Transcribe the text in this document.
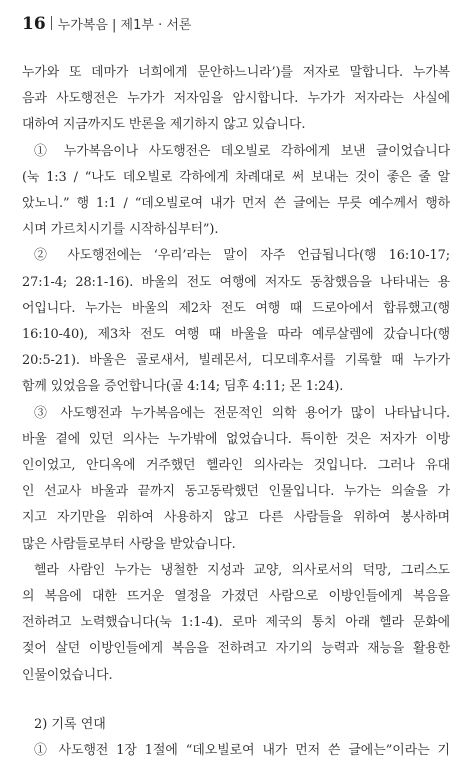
16 누가복음 | 제1부 · 서론

누가와 또 데마가 너희에게 문안하느니라’)를 저자로 말합니다. 누가복

음과 사도행전은 누가가 저자임을 암시합니다. 누가가 저자라는 사실에

대하여 지금까지도 반론을 제기하지 않고 있습니다.

① 누가복음이나 사도행전은 데오빌로 각하에게 보낸 글이었습니다

(눅 1:3 / “나도 데오빌로 각하에게 차례대로 써 보내는 것이 좋은 줄 알

았노니.” 행 1:1 / “데오빌로여 내가 먼저 쓴 글에는 무릇 예수께서 행하

시며 가르치시기를 시작하심부터”).

② 사도행전에는 ‘우리’라는 말이 자주 언급됩니다(행 16:10-17;

27:1-4; 28:1-16). 바울의 전도 여행에 저자도 동참했음을 나타내는 용

어입니다. 누가는 바울의 제2차 전도 여행 때 드로아에서 합류했고(행

16:10-40), 제3차 전도 여행 때 바울을 따라 예루살렘에 갔습니다(행

20:5-21). 바울은 골로새서, 빌레몬서, 디모데후서를 기록할 때 누가가

함께 있었음을 증언합니다(골 4:14; 딤후 4:11; 몬 1:24).

③ 사도행전과 누가복음에는 전문적인 의학 용어가 많이 나타납니다.

바울 곁에 있던 의사는 누가밖에 없었습니다. 특이한 것은 저자가 이방

인이었고, 안디옥에 거주했던 헬라인 의사라는 것입니다. 그러나 유대

인 선교사 바울과 끝까지 동고동락했던 인물입니다. 누가는 의술을 가

지고 자기만을 위하여 사용하지 않고 다른 사람들을 위하여 봉사하며

많은 사람들로부터 사랑을 받았습니다.

헬라 사람인 누가는 냉철한 지성과 교양, 의사로서의 덕망, 그리스도

의 복음에 대한 뜨거운 열정을 가졌던 사람으로 이방인들에게 복음을

전하려고 노력했습니다(눅 1:1-4). 로마 제국의 통치 아래 헬라 문화에

젖어 살던 이방인들에게 복음을 전하려고 자기의 능력과 재능을 활용한

인물이었습니다.

2) 기록 연대
① 사도행전 1장 1절에 “데오빌로여 내가 먼저 쓴 글에는”이라는 기
